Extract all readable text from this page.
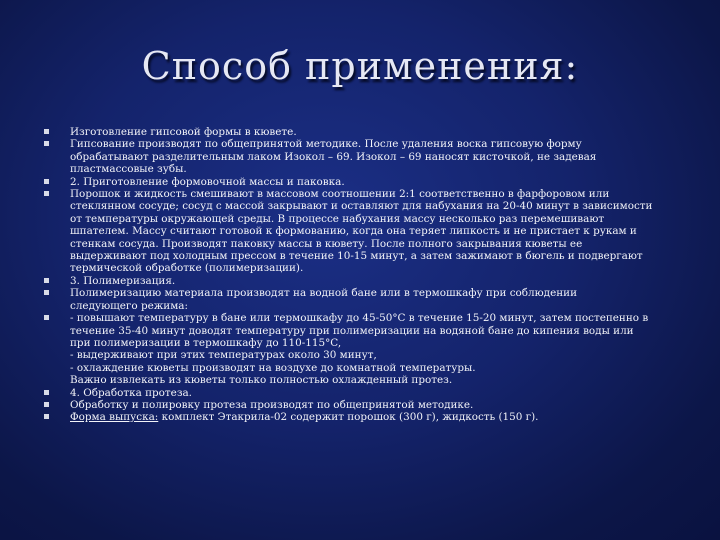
Способ применения:
Изготовление гипсовой формы в кювете.
Гипсование производят по общепринятой методике. После удаления воска гипсовую форму
обрабатывают разделительным лаком Изокол – 69. Изокол – 69 наносят кисточкой, не задевая
пластмассовые зубы.
2. Приготовление формовочной массы и паковка.
Порошок и жидкость смешивают в массовом соотношении 2:1 соответственно в фарфоровом или
стеклянном сосуде; сосуд с массой закрывают и оставляют для набухания на 20-40 минут в зависимости
от температуры окружающей среды. В процессе набухания массу несколько раз перемешивают
шпателем. Массу считают готовой к формованию, когда она теряет липкость и не пристает к рукам и
стенкам сосуда. Производят паковку массы в кювету. После полного закрывания кюветы ее
выдерживают под холодным прессом в течение 10-15 минут, а затем зажимают в бюгель и подвергают
термической обработке (полимеризации).
3. Полимеризация.
Полимеризацию материала производят на водной бане или в термошкафу при соблюдении
следующего режима:
- повышают температуру в бане или термошкафу до 45-50°C в течение 15-20 минут, затем постепенно в
течение 35-40 минут доводят температуру при полимеризации на водяной бане до кипения воды или
при полимеризации в термошкафу до 110-115°C,
- выдерживают при этих температурах около 30 минут,
- охлаждение кюветы производят на воздухе до комнатной температуры.
Важно извлекать из кюветы только полностью охлажденный протез.
4. Обработка протеза.
Обработку и полировку протеза производят по общепринятой методике.
Форма выпуска: комплект Этакрила-02 содержит порошок (300 г), жидкость (150 г).
